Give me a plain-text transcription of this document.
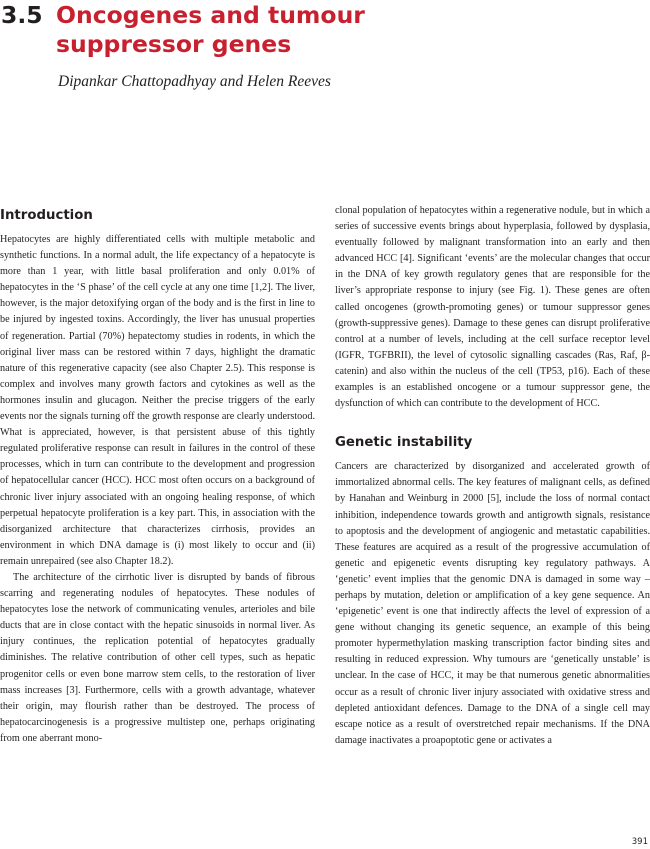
3.5 Oncogenes and tumour
suppressor genes
Dipankar Chattopadhyay and Helen Reeves
Introduction

Hepatocytes are highly differentiated cells with multiple metabolic and synthetic functions. In a normal adult, the life expectancy of a hepatocyte is more than 1 year, with little basal proliferation and only 0.01% of hepatocytes in the ‘S phase’ of the cell cycle at any one time [1,2]. The liver, however, is the major detoxifying organ of the body and is the first in line to be injured by ingested toxins. Accordingly, the liver has unusual properties of regeneration. Partial (70%) hepatectomy studies in rodents, in which the original liver mass can be restored within 7 days, highlight the dramatic nature of this regenerative capacity (see also Chapter 2.5). This response is complex and involves many growth factors and cytokines as well as the hormones insulin and glucagon. Neither the precise triggers of the early events nor the signals turning off the growth response are clearly understood. What is appreciated, however, is that persistent abuse of this tightly regulated proliferative response can result in failures in the control of these processes, which in turn can contribute to the development and progression of hepatocellular cancer (HCC). HCC most often occurs on a background of chronic liver injury associated with an ongoing healing response, of which perpetual hepatocyte proliferation is a key part. This, in association with the disorganized architecture that characterizes cirrhosis, provides an environment in which DNA damage is (i) most likely to occur and (ii) remain unrepaired (see also Chapter 18.2).

The architecture of the cirrhotic liver is disrupted by bands of fibrous scarring and regenerating nodules of hepatocytes. These nodules of hepatocytes lose the network of communicating venules, arterioles and bile ducts that are in close contact with the hepatic sinusoids in normal liver. As injury continues, the replication potential of hepatocytes gradually diminishes. The relative contribution of other cell types, such as hepatic progenitor cells or even bone marrow stem cells, to the restoration of liver mass increases [3]. Furthermore, cells with a growth advantage, whatever their origin, may flourish rather than be destroyed. The process of hepatocarcinogenesis is a progressive multistep one, perhaps originating from one aberrant mono-

clonal population of hepatocytes within a regenerative nodule, but in which a series of successive events brings about hyperplasia, followed by dysplasia, eventually followed by malignant transformation into an early and then advanced HCC [4]. Significant ‘events’ are the molecular changes that occur in the DNA of key growth regulatory genes that are responsible for the liver’s appropriate response to injury (see Fig. 1). These genes are often called oncogenes (growth-promoting genes) or tumour suppressor genes (growth-suppressive genes). Damage to these genes can disrupt proliferative control at a number of levels, including at the cell surface receptor level (IGFR, TGFBRII), the level of cytosolic signalling cascades (Ras, Raf, β-catenin) and also within the nucleus of the cell (TP53, p16). Each of these examples is an established oncogene or a tumour suppressor gene, the dysfunction of which can contribute to the development of HCC.

Genetic instability

Cancers are characterized by disorganized and accelerated growth of immortalized abnormal cells. The key features of malignant cells, as defined by Hanahan and Weinburg in 2000 [5], include the loss of normal contact inhibition, independence towards growth and antigrowth signals, resistance to apoptosis and the development of angiogenic and metastatic capabilities. These features are acquired as a result of the progressive accumulation of genetic and epigenetic events disrupting key regulatory pathways. A ‘genetic’ event implies that the genomic DNA is damaged in some way – perhaps by mutation, deletion or amplification of a key gene sequence. An ‘epigenetic’ event is one that indirectly affects the level of expression of a gene without changing its genetic sequence, an example of this being promoter hypermethylation masking transcription factor binding sites and resulting in reduced expression. Why tumours are ‘genetically unstable’ is unclear. In the case of HCC, it may be that numerous genetic abnormalities occur as a result of chronic liver injury associated with oxidative stress and depleted antioxidant defences. Damage to the DNA of a single cell may escape notice as a result of overstretched repair mechanisms. If the DNA damage inactivates a proapoptotic gene or activates a

391
